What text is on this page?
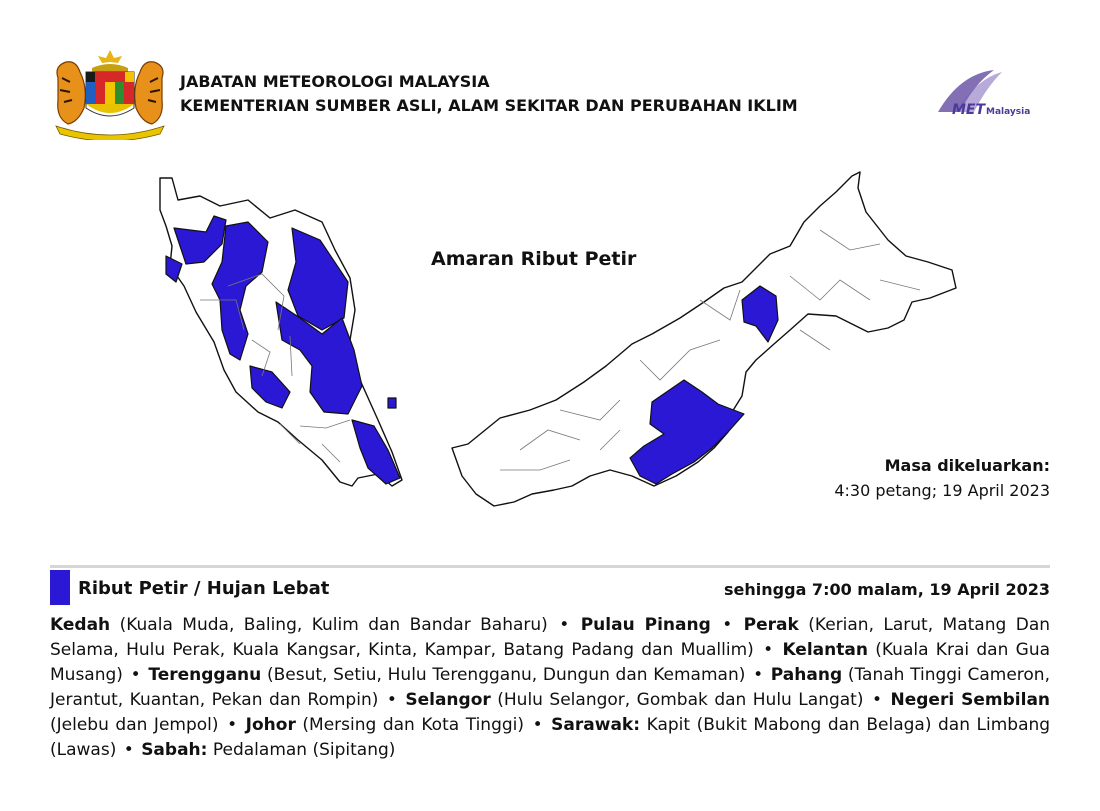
JABATAN METEOROLOGI MALAYSIA
KEMENTERIAN SUMBER ASLI, ALAM SEKITAR DAN PERUBAHAN IKLIM	MET Malaysia
Amaran Ribut Petir
Masa dikeluarkan:
4:30 petang; 19 April 2023
Ribut Petir / Hujan Lebat	sehingga 7:00 malam, 19 April 2023
Kedah (Kuala Muda, Baling, Kulim dan Bandar Baharu) • Pulau Pinang • Perak (Kerian, Larut, Matang Dan Selama, Hulu Perak, Kuala Kangsar, Kinta, Kampar, Batang Padang dan Muallim) • Kelantan (Kuala Krai dan Gua Musang) • Terengganu (Besut, Setiu, Hulu Terengganu, Dungun dan Kemaman) • Pahang (Tanah Tinggi Cameron, Jerantut, Kuantan, Pekan dan Rompin) • Selangor (Hulu Selangor, Gombak dan Hulu Langat) • Negeri Sembilan (Jelebu dan Jempol) • Johor (Mersing dan Kota Tinggi) • Sarawak: Kapit (Bukit Mabong dan Belaga) dan Limbang (Lawas) • Sabah: Pedalaman (Sipitang)
